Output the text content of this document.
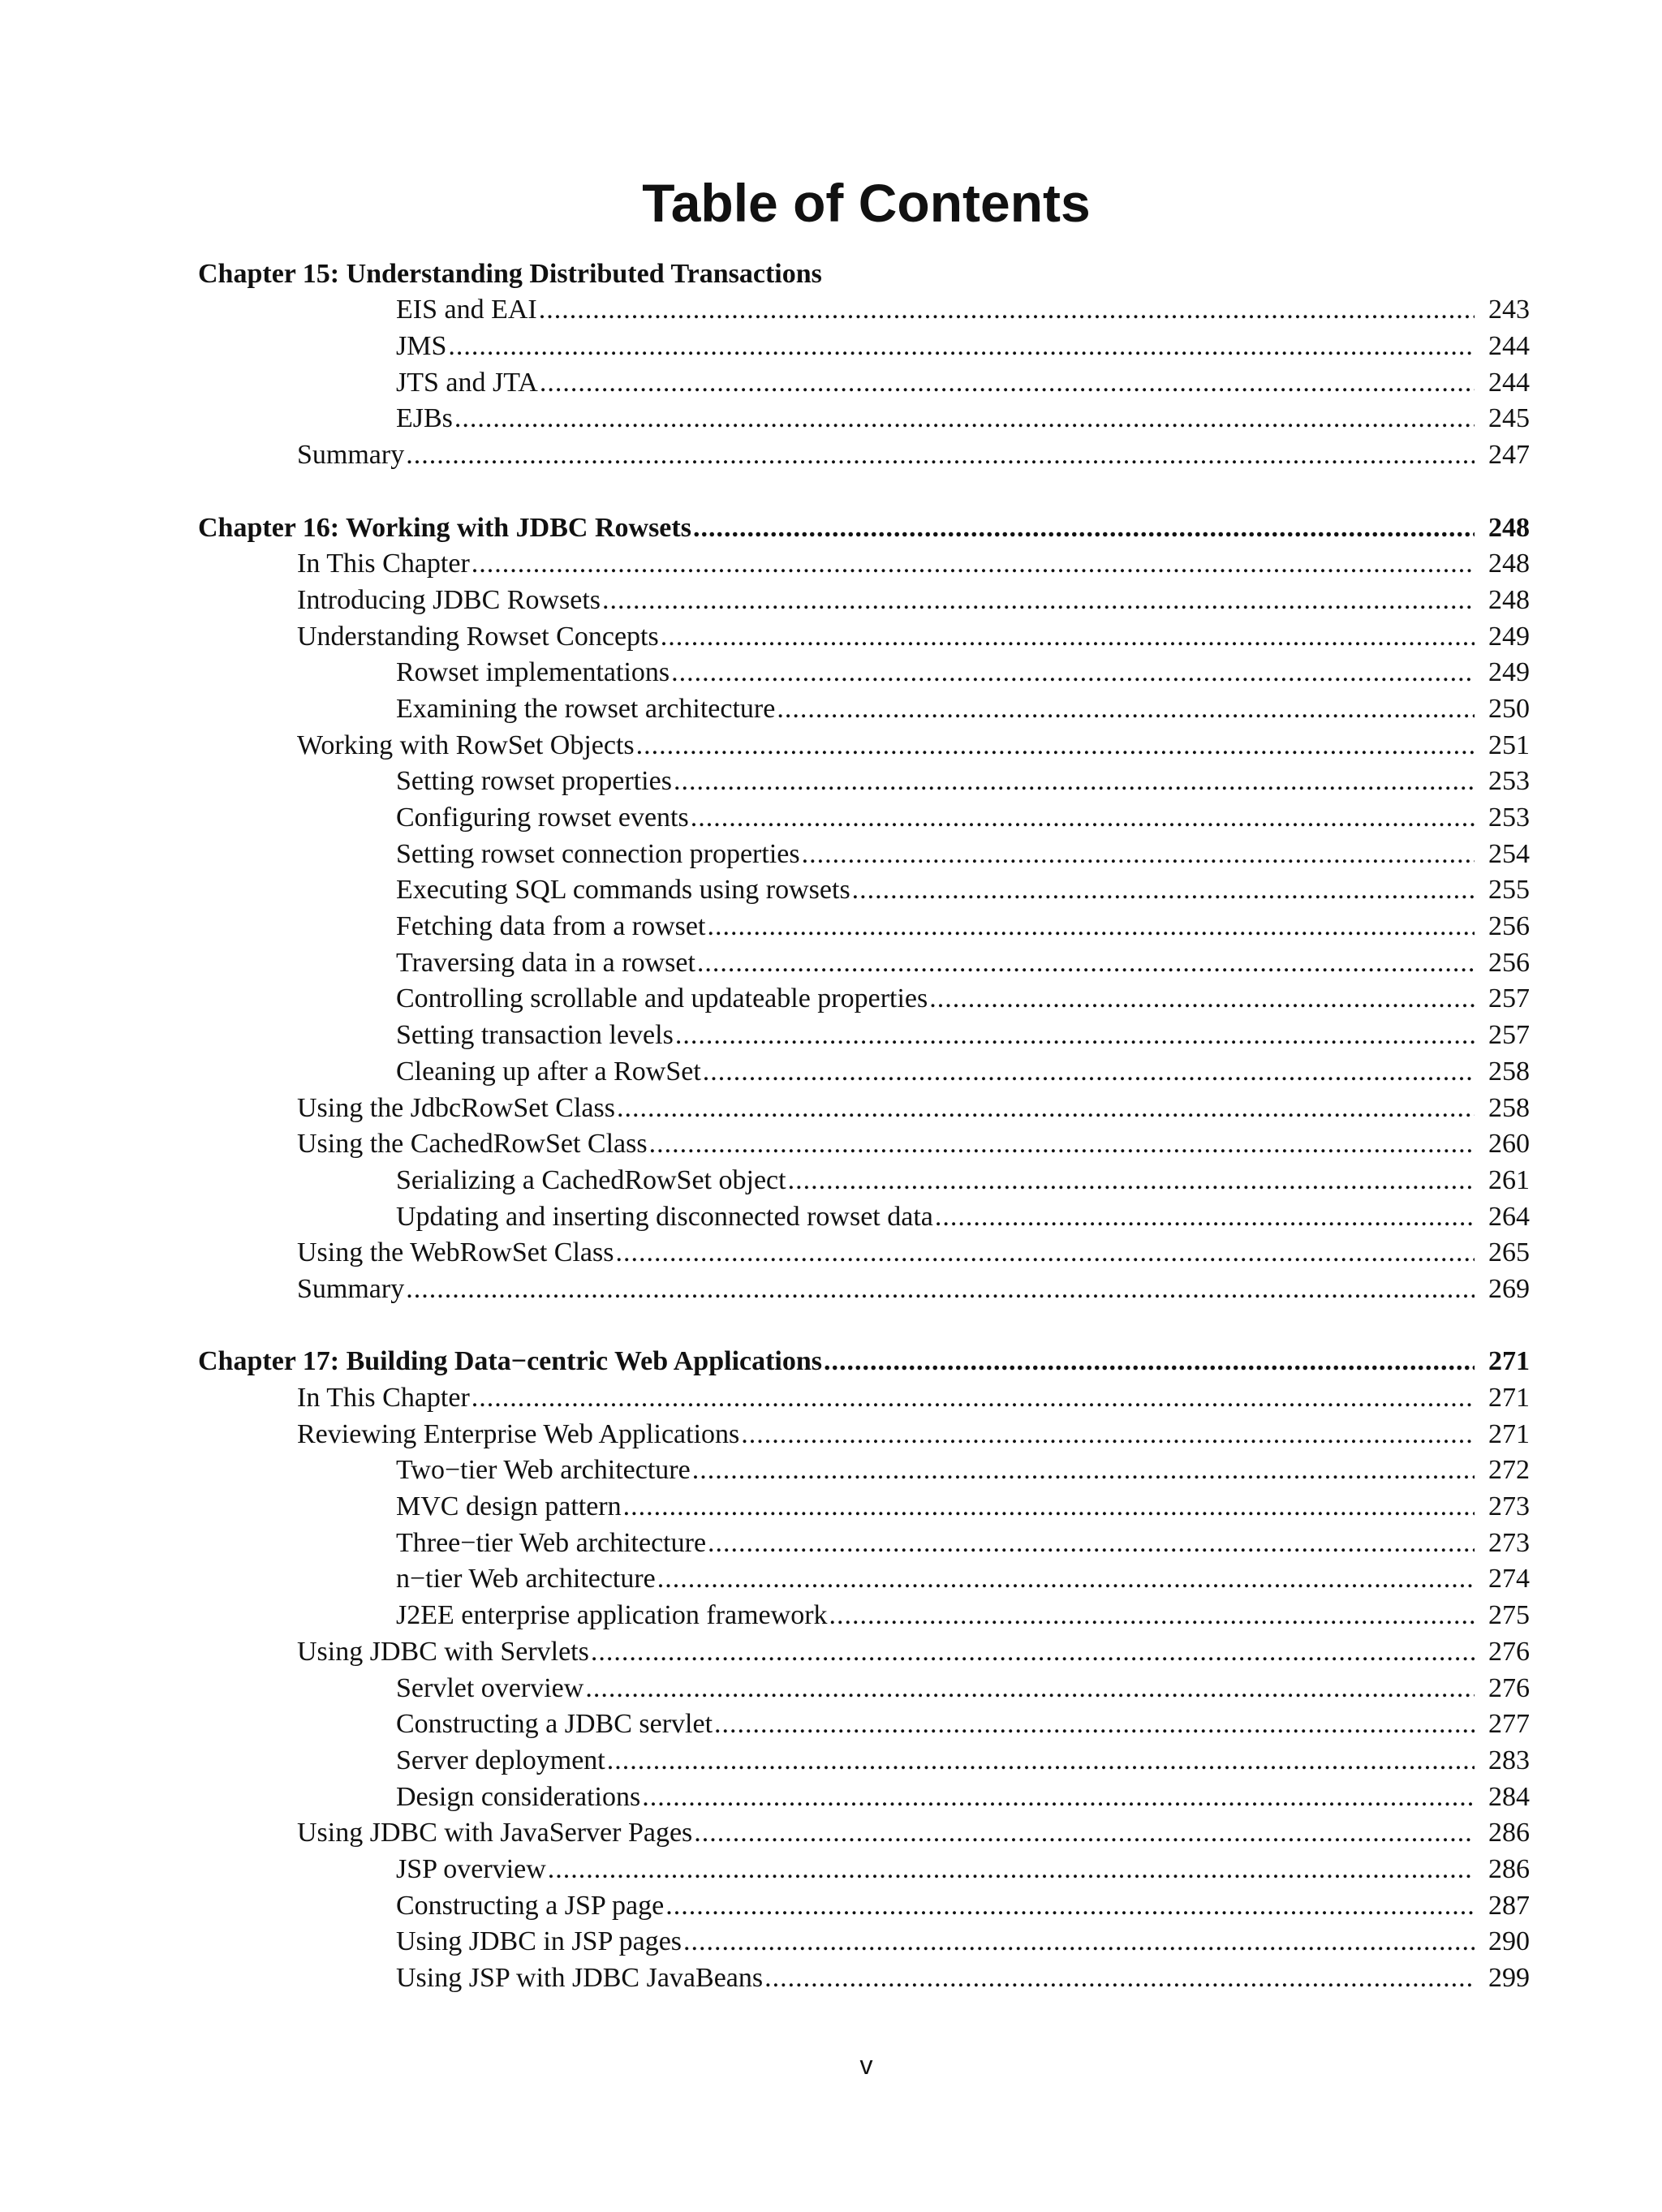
Table of Contents
Chapter 15: Understanding Distributed Transactions
EIS and EAI .....	243
JMS .....	244
JTS and JTA .....	244
EJBs .....	245
Summary .....	247
Chapter 16: Working with JDBC Rowsets .....	248
In This Chapter .....	248
Introducing JDBC Rowsets .....	248
Understanding Rowset Concepts .....	249
Rowset implementations .....	249
Examining the rowset architecture .....	250
Working with RowSet Objects .....	251
Setting rowset properties .....	253
Configuring rowset events .....	253
Setting rowset connection properties .....	254
Executing SQL commands using rowsets .....	255
Fetching data from a rowset .....	256
Traversing data in a rowset .....	256
Controlling scrollable and updateable properties .....	257
Setting transaction levels .....	257
Cleaning up after a RowSet .....	258
Using the JdbcRowSet Class .....	258
Using the CachedRowSet Class .....	260
Serializing a CachedRowSet object .....	261
Updating and inserting disconnected rowset data .....	264
Using the WebRowSet Class .....	265
Summary .....	269
Chapter 17: Building Data−centric Web Applications .....	271
In This Chapter .....	271
Reviewing Enterprise Web Applications .....	271
Two−tier Web architecture .....	272
MVC design pattern .....	273
Three−tier Web architecture .....	273
n−tier Web architecture .....	274
J2EE enterprise application framework .....	275
Using JDBC with Servlets .....	276
Servlet overview .....	276
Constructing a JDBC servlet .....	277
Server deployment .....	283
Design considerations .....	284
Using JDBC with JavaServer Pages .....	286
JSP overview .....	286
Constructing a JSP page .....	287
Using JDBC in JSP pages .....	290
Using JSP with JDBC JavaBeans .....	299
v
